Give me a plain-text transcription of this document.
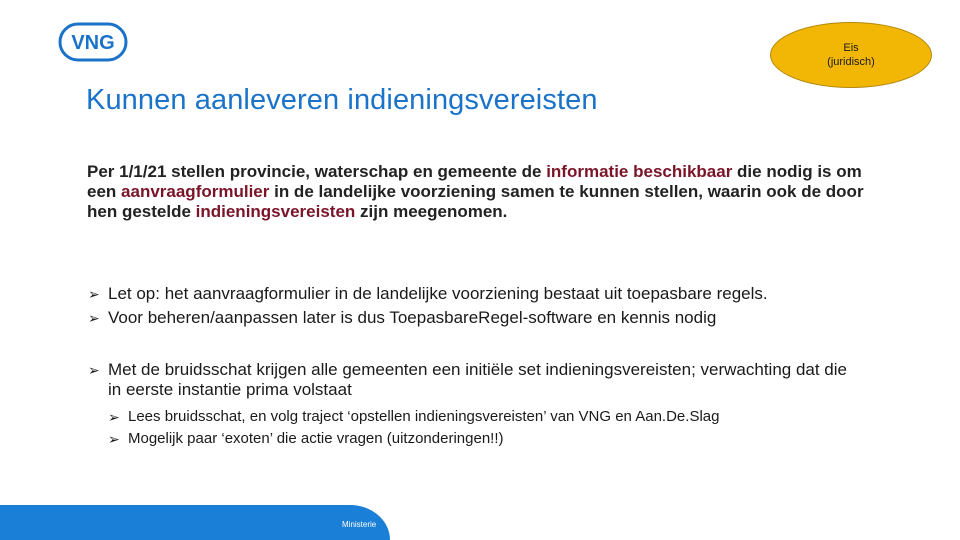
VNG	Eis
(juridisch)
Kunnen aanleveren indieningsvereisten

Per 1/1/21 stellen provincie, waterschap en gemeente de informatie beschikbaar die nodig is om een aanvraagformulier in de landelijke voorziening samen te kunnen stellen, waarin ook de door hen gestelde indieningsvereisten zijn meegenomen.

➢ Let op: het aanvraagformulier in de landelijke voorziening bestaat uit toepasbare regels.
➢ Voor beheren/aanpassen later is dus ToepasbareRegel-software en kennis nodig
➢ Met de bruidsschat krijgen alle gemeenten een initiële set indieningsvereisten; verwachting dat die in eerste instantie prima volstaat
➢ Lees bruidsschat, en volg traject ‘opstellen indieningsvereisten’ van VNG en Aan.De.Slag
➢ Mogelijk paar ‘exoten’ die actie vragen (uitzonderingen!!)
Ministerie
